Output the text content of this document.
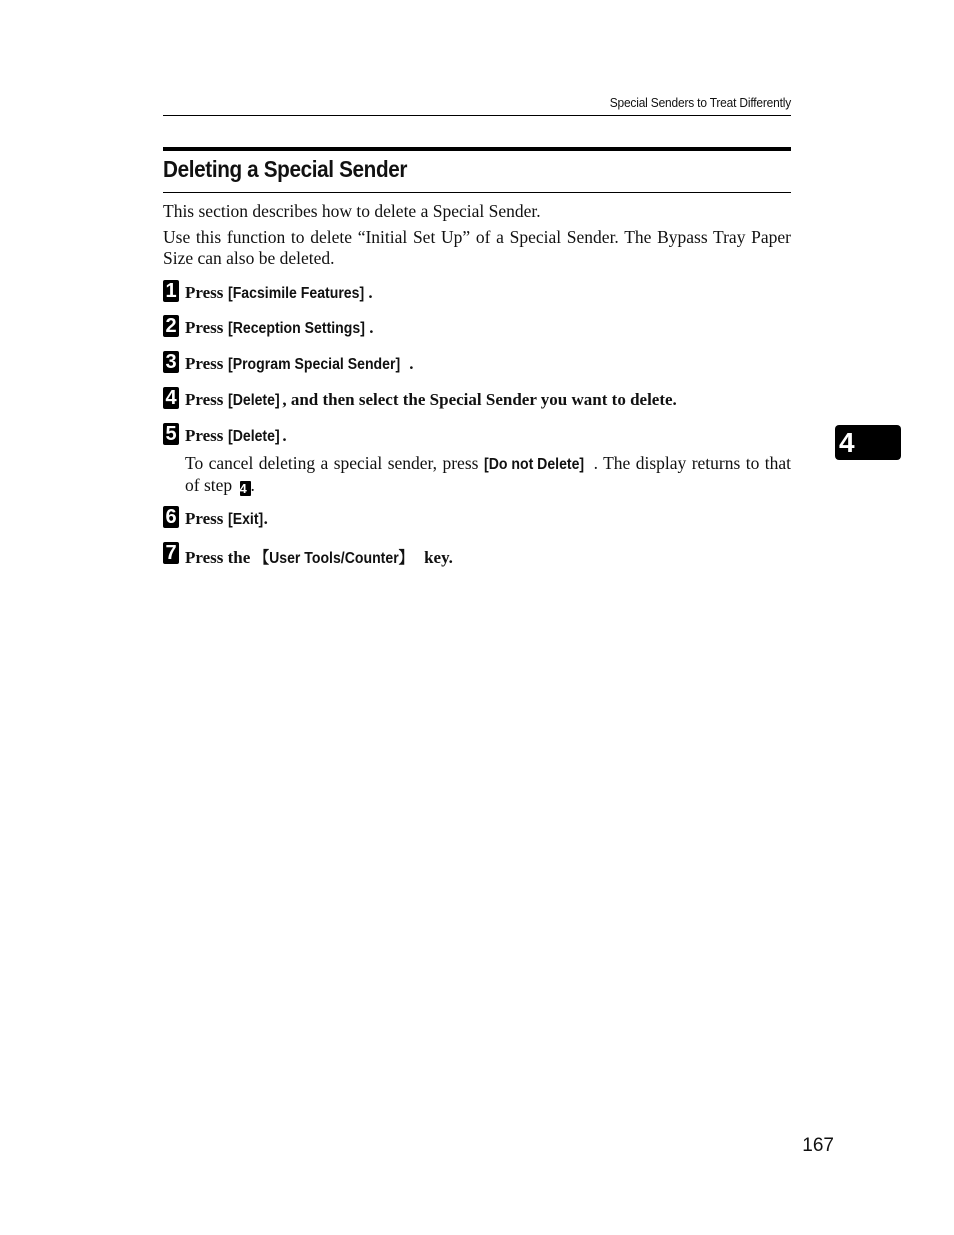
Special Senders to Treat Differently
Deleting a Special Sender

This section describes how to delete a Special Sender.

Use this function to delete “Initial Set Up” of a Special Sender. The Bypass Tray Paper Size can also be deleted.

1 Press [Facsimile Features] .
2 Press [Reception Settings] .
3 Press [Program Special Sender] .
4 Press [Delete] , and then select the Special Sender you want to delete.
5 Press [Delete] .
To cancel deleting a special sender, press [Do not Delete] . The display returns to that of step 4 .
6 Press [Exit].
7 Press the 【User Tools/Counter】 key.
4
167
